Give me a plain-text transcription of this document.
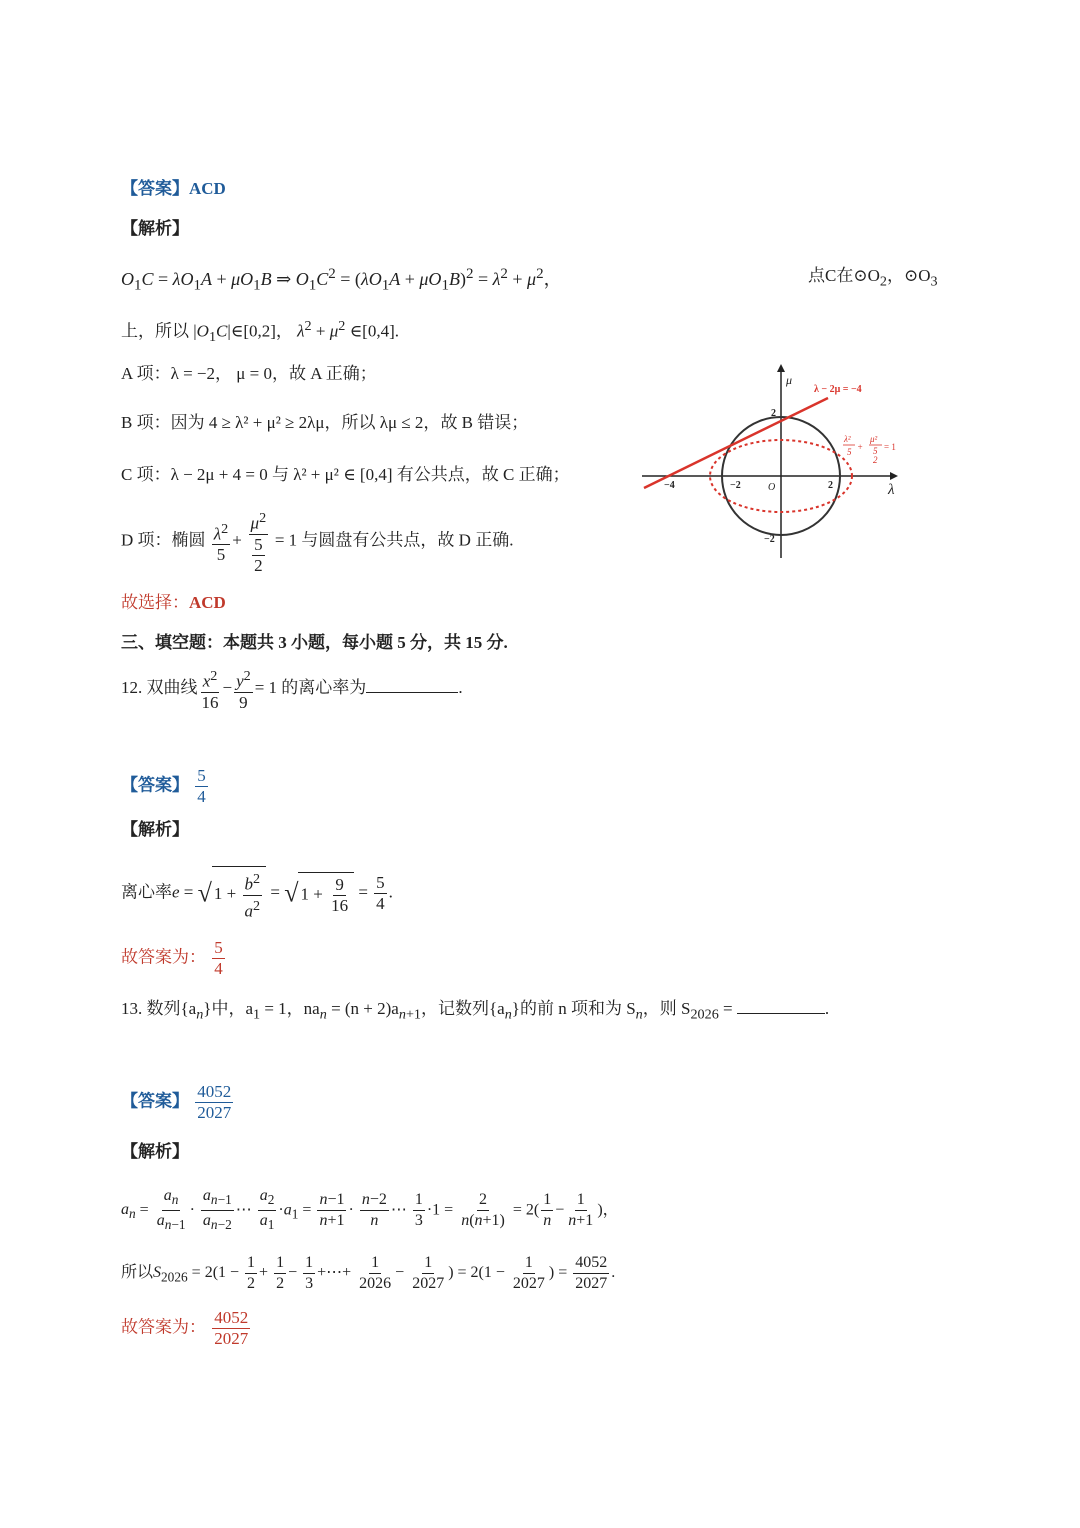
【答案】ACD
【解析】
$O_1C = \lambda O_1A + \mu O_1B$ ⇒ $O_1C^2 = (\lambda O_1A + \mu O_1B)^2 = \lambda^2 + \mu^2$，	点C在$⊙O_2$，$⊙O_3$
上，所以 $|O_1C|\in[0,2]$， $\lambda^2 + \mu^2$ ∈[0,4].
A 项：λ = −2， μ = 0，故 A 正确；
B 项：因为 4 ≥ λ² + μ² ≥ 2λμ，所以 λμ ≤ 2，故 B 错误；
C 项：λ − 2μ + 4 = 0 与 λ² + μ² ∈ [0,4] 有公共点，故 C 正确；
D 项：椭圆 $\frac{\lambda^2}{5} + \frac{\mu^2}{\frac{5}{2}} = 1$ 与圆盘有公共点，故 D 正确.
故选择：ACD
λ − 2μ = −4
λ
μ
O
−4	−2	2
2
−2
λ²
5 +
μ²
5
2
= 1
三、填空题：本题共 3 小题，每小题 5 分，共 15 分.
12. 双曲线 $\frac{x^2}{16} - \frac{y^2}{9} = 1$ 的离心率为	.
【答案】 $\frac{5}{4}$
【解析】
离心率e = √ $1 + \frac{b^2}{a^2}$ = √ $1 + \frac{9}{16} = \frac{5}{4}$ .
故答案为： $\frac{5}{4}$
13. 数列$\{a_n\}$中，$a_1 = 1$，$na_n = (n + 2)a_{n+1}$，记数列$\{a_n\}$的前 n 项和为 $S_n$，则 $S_{2026}$ =	.
【答案】 $\frac{4052}{2027}$
【解析】
$a_n = \frac{a_n}{a_{n-1}} \cdot \frac{a_{n-1}}{a_{n-2}}$ ⋯ $\frac{a_2}{a_1} \cdot a_1 = \frac{n-1}{n+1} \cdot \frac{n-2}{n}$ ⋯ $\frac{1}{3} \cdot 1 = \frac{2}{n(n+1)} = 2( \frac{1}{n} - \frac{1}{n+1}$ )，
所以$S_{2026} = 2(1 - \frac{1}{2} + \frac{1}{2} - \frac{1}{3}$ +⋯+ $\frac{1}{2026} - \frac{1}{2027}$ ) = $2(1 - \frac{1}{2027}$ ) = $\frac{4052}{2027}$ .
故答案为： $\frac{4052}{2027}$
